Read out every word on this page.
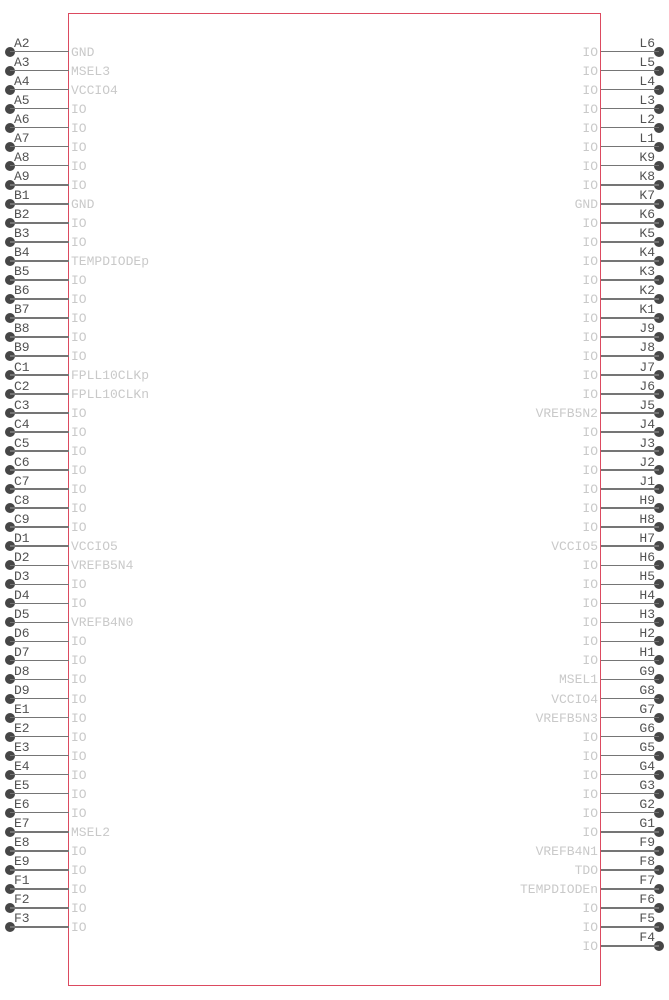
A2
GND
A3
MSEL3
A4
VCCIO4
A5
IO
A6
IO
A7
IO
A8
IO
A9
IO
B1
GND
B2
IO
B3
IO
B4
TEMPDIODEp
B5
IO
B6
IO
B7
IO
B8
IO
B9
IO
C1
FPLL10CLKp
C2
FPLL10CLKn
C3
IO
C4
IO
C5
IO
C6
IO
C7
IO
C8
IO
C9
IO
D1
VCCIO5
D2
VREFB5N4
D3
IO
D4
IO
D5
VREFB4N0
D6
IO
D7
IO
D8
IO
D9
IO
E1
IO
E2
IO
E3
IO
E4
IO
E5
IO
E6
IO
E7
MSEL2
E8
IO
E9
IO
F1
IO
F2
IO
F3
IO
L6
IO
L5
IO
L4
IO
L3
IO
L2
IO
L1
IO
K9
IO
K8
IO
K7
GND
K6
IO
K5
IO
K4
IO
K3
IO
K2
IO
K1
IO
J9
IO
J8
IO
J7
IO
J6
IO
J5
VREFB5N2
J4
IO
J3
IO
J2
IO
J1
IO
H9
IO
H8
IO
H7
VCCIO5
H6
IO
H5
IO
H4
IO
H3
IO
H2
IO
H1
IO
G9
MSEL1
G8
VCCIO4
G7
VREFB5N3
G6
IO
G5
IO
G4
IO
G3
IO
G2
IO
G1
IO
F9
VREFB4N1
F8
TDO
F7
TEMPDIODEn
F6
IO
F5
IO
F4
IO
